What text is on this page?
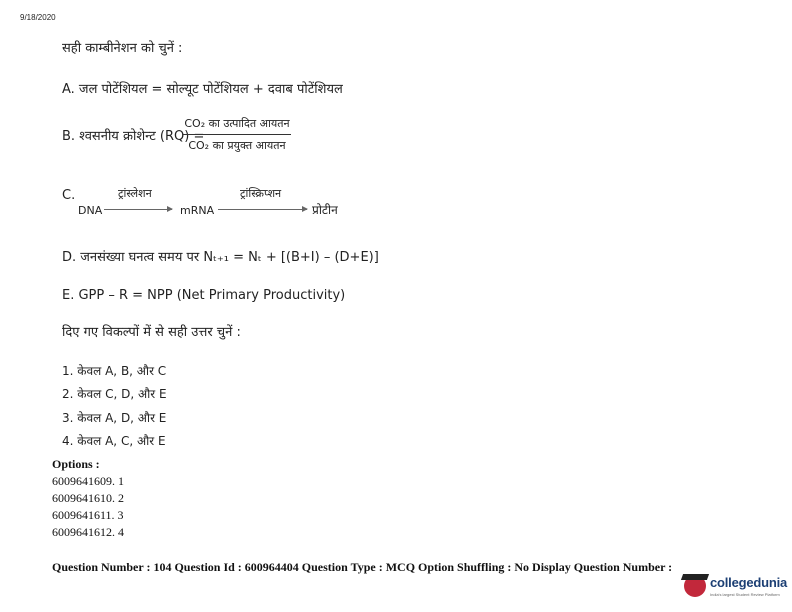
9/18/2020
सही काम्बीनेशन को चुनें :
A. जल पोटेंशियल = सोल्यूट पोटेंशियल + दवाब पोटेंशियल
B. श्वसनीय क्रोशेन्ट (RQ) =
CO₂ का उत्पादित आयतन
CO₂ का प्रयुक्त आयतन
C.
DNA
ट्रांस्लेशन
mRNA
ट्रांस्क्रिप्शन
प्रोटीन
D. जनसंख्या घनत्व समय पर Nₜ₊₁ = Nₜ + [(B+I) – (D+E)]
E. GPP – R = NPP (Net Primary Productivity)
दिए गए विकल्पों में से सही उत्तर चुनें :
1. केवल A, B, और C
2. केवल C, D, और E
3. केवल A, D, और E
4. केवल A, C, और E
Options :
6009641609. 1
6009641610. 2
6009641611. 3
6009641612. 4
Question Number : 104 Question Id : 600964404 Question Type : MCQ Option Shuffling : No Display Question Number :
collegedunia
India's largest Student Review Platform
